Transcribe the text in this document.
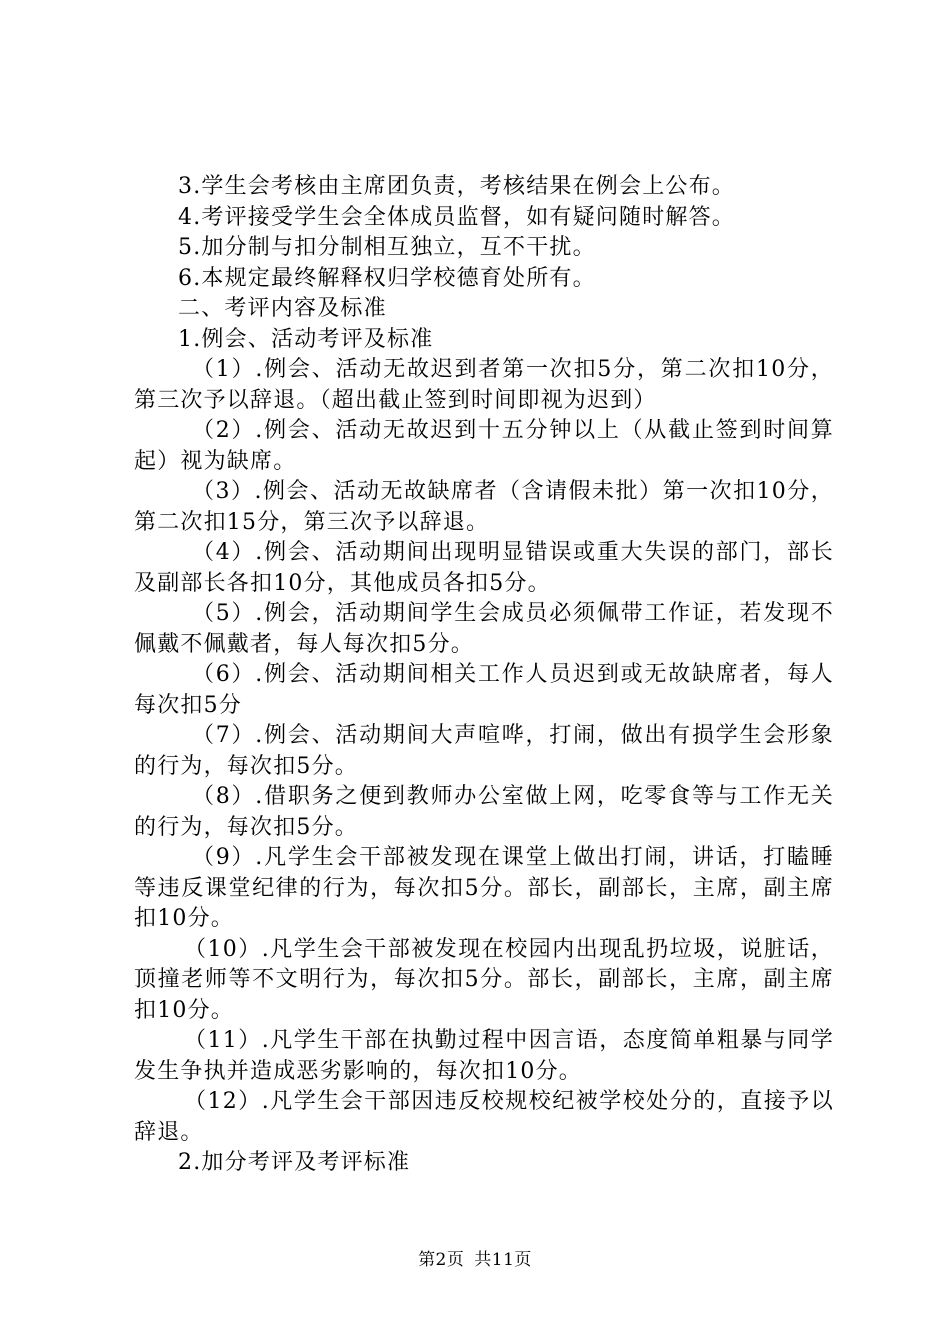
3.学生会考核由主席团负责，考核结果在例会上公布。

4.考评接受学生会全体成员监督，如有疑问随时解答。

5.加分制与扣分制相互独立，互不干扰。

6.本规定最终解释权归学校德育处所有。

二、考评内容及标准

1.例会、活动考评及标准

（1）.例会、活动无故迟到者第一次扣5分，第二次扣10分，第三次予以辞退。（超出截止签到时间即视为迟到）

（2）.例会、活动无故迟到十五分钟以上（从截止签到时间算起）视为缺席。

（3）.例会、活动无故缺席者（含请假未批）第一次扣10分，第二次扣15分，第三次予以辞退。

（4）.例会、活动期间出现明显错误或重大失误的部门，部长及副部长各扣10分，其他成员各扣5分。

（5）.例会，活动期间学生会成员必须佩带工作证，若发现不佩戴不佩戴者，每人每次扣5分。

（6）.例会、活动期间相关工作人员迟到或无故缺席者，每人每次扣5分

（7）.例会、活动期间大声喧哗，打闹，做出有损学生会形象的行为，每次扣5分。

（8）.借职务之便到教师办公室做上网，吃零食等与工作无关的行为，每次扣5分。

（9）.凡学生会干部被发现在课堂上做出打闹，讲话，打瞌睡等违反课堂纪律的行为，每次扣5分。部长，副部长，主席，副主席扣10分。

（10）.凡学生会干部被发现在校园内出现乱扔垃圾，说脏话，顶撞老师等不文明行为，每次扣5分。部长，副部长，主席，副主席扣10分。

（11）.凡学生干部在执勤过程中因言语，态度简单粗暴与同学发生争执并造成恶劣影响的，每次扣10分。

（12）.凡学生会干部因违反校规校纪被学校处分的，直接予以辞退。

2.加分考评及考评标准

第2页 共11页
